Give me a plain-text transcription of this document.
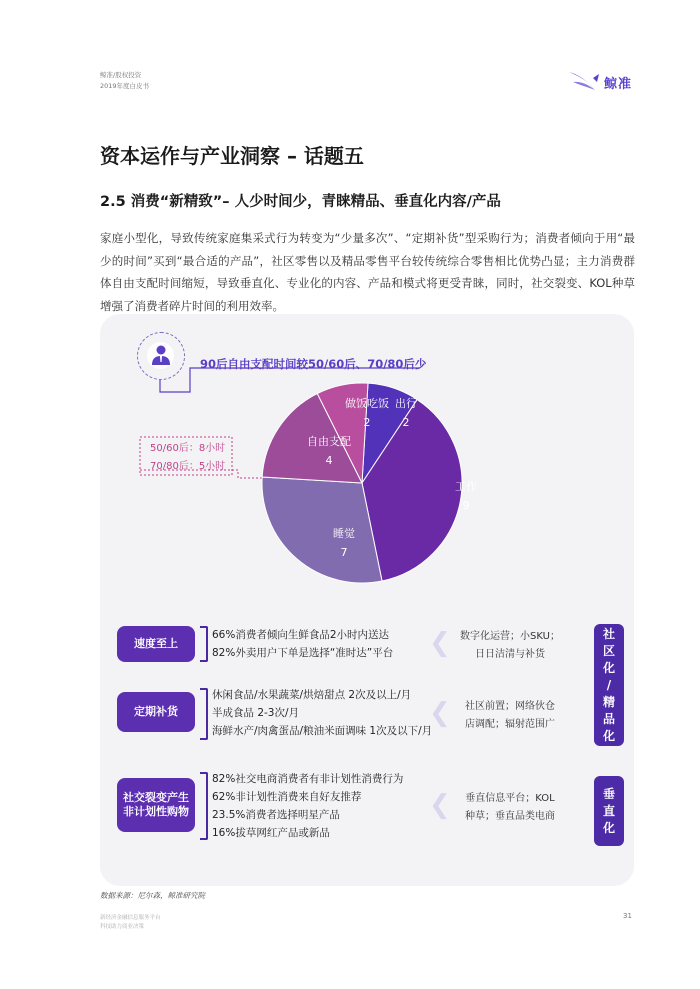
鲸准/股权投资
2019年度白皮书	鲸准
资本运作与产业洞察 – 话题五
2.5 消费“新精致”– 人少时间少，青睐精品、垂直化内容/产品
家庭小型化，导致传统家庭集采式行为转变为“少量多次”、“定期补货”型采购行为；消费者倾向于用“最少的时间”买到“最合适的产品”，社区零售以及精品零售平台较传统综合零售相比优势凸显；主力消费群体自由支配时间缩短，导致垂直化、专业化的内容、产品和模式将更受青睐，同时，社交裂变、KOL种草增强了消费者碎片时间的利用效率。
90后自由支配时间较50/60后、70/80后少
50/60后：8小时
70/80后：5小时
出行
2
做饭吃饭
2
自由支配
4
工作
9
睡觉
7
速度至上
66%消费者倾向生鲜食品2小时内送达
82%外卖用户下单是选择“准时达”平台 ❮ 数字化运营；小SKU；
日日洁清与补货
定期补货
休闲食品/水果蔬菜/烘焙甜点 2次及以上/月
半成食品 2-3次/月
海鲜水产/肉禽蛋品/粮油米面调味 1次及以下/月
❮	社区前置；网络伙仓
店调配；辐射范围广
社交裂变产生非计划性购物
82%社交电商消费者有非计划性消费行为
62%非计划性消费来自好友推荐
23.5%消费者选择明星产品
16%拔草网红产品或新品
❮	垂直信息平台；KOL
种草；垂直品类电商
社
区
化
/
精
品
化
垂
直
化
数据来源：尼尔森，鲸准研究院
新经济金融信息服务平台
科技助力商业决策
31
